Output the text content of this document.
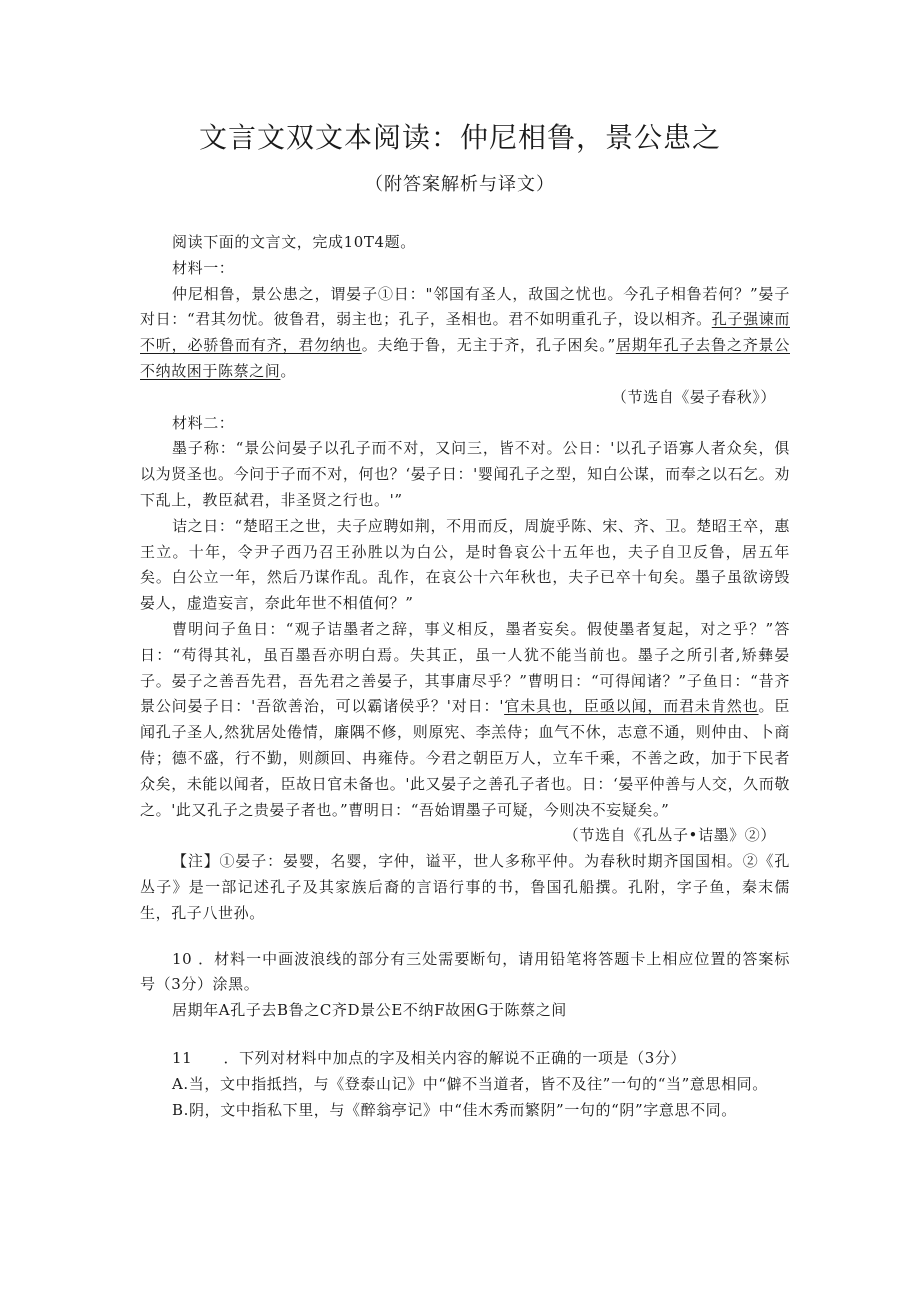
文言文双文本阅读：仲尼相鲁，景公患之
（附答案解析与译文）

阅读下面的文言文，完成10T4题。

材料一：

仲尼相鲁，景公患之，谓晏子①日："邻国有圣人，敌国之忧也。今孔子相鲁若何？”晏子对日：“君其勿忧。彼鲁君，弱主也；孔子，圣相也。君不如明重孔子，设以相齐。孔子强谏而不听，必骄鲁而有齐，君勿纳也。夫绝于鲁，无主于齐，孔子困矣。”居期年孔子去鲁之齐景公不纳故困于陈蔡之间。

（节选自《晏子春秋》）

材料二：

墨子称：“景公问晏子以孔子而不对，又问三，皆不对。公日：'以孔子语寡人者众矣，俱以为贤圣也。今问于子而不对，何也？‘晏子日：'婴闻孔子之型，知白公谋，而奉之以石乞。劝下乱上，教臣弑君，非圣贤之行也。'”

诘之日：“楚昭王之世，夫子应聘如荆，不用而反，周旋乎陈、宋、齐、卫。楚昭王卒，惠王立。十年，令尹子西乃召王孙胜以为白公，是时鲁哀公十五年也，夫子自卫反鲁，居五年矣。白公立一年，然后乃谋作乱。乱作，在哀公十六年秋也，夫子已卒十旬矣。墨子虽欲谤毁晏人，虚造妄言，奈此年世不相值何？”

曹明问子鱼日：“观子诘墨者之辞，事义相反，墨者妄矣。假使墨者复起，对之乎？”答日：“苟得其礼，虽百墨吾亦明白焉。失其正，虽一人犹不能当前也。墨子之所引者,矫彝晏子。晏子之善吾先君，吾先君之善晏子，其事庸尽乎？”曹明日：“可得闻诸？”子鱼日：“昔齐景公问晏子日：'吾欲善治，可以霸诸侯乎？'对日：'官未具也，臣亟以闻，而君未肯然也。臣闻孔子圣人,然犹居处倦情，廉隅不修，则原宪、李羔侍；血气不休，志意不通，则仲由、卜商侍；德不盛，行不勤，则颜回、冉雍侍。今君之朝臣万人，立车千乘，不善之政，加于下民者众矣，未能以闻者，臣故日官未备也。'此又晏子之善孔子者也。日：‘晏平仲善与人交，久而敬之。'此又孔子之贵晏子者也。”曹明日：“吾始谓墨子可疑，今则决不妄疑矣。”

（节选自《孔丛子•诘墨》②）

【注】①晏子：晏婴，名婴，字仲，谥平，世人多称平仲。为春秋时期齐国国相。②《孔丛子》是一部记述孔子及其家族后裔的言语行事的书，鲁国孔船撰。孔附，字子鱼，秦末儒生，孔子八世孙。

10 ．材料一中画波浪线的部分有三处需要断句，请用铅笔将答题卡上相应位置的答案标号（3分）涂黑。

居期年A孔子去B鲁之C齐D景公E不纳F故困G于陈蔡之间

11　　．下列对材料中加点的字及相关内容的解说不正确的一项是（3分）

A.当，文中指抵挡，与《登泰山记》中“僻不当道者，皆不及往”一句的“当”意思相同。

B.阴，文中指私下里，与《醉翁亭记》中“佳木秀而繁阴”一句的“阴”字意思不同。
